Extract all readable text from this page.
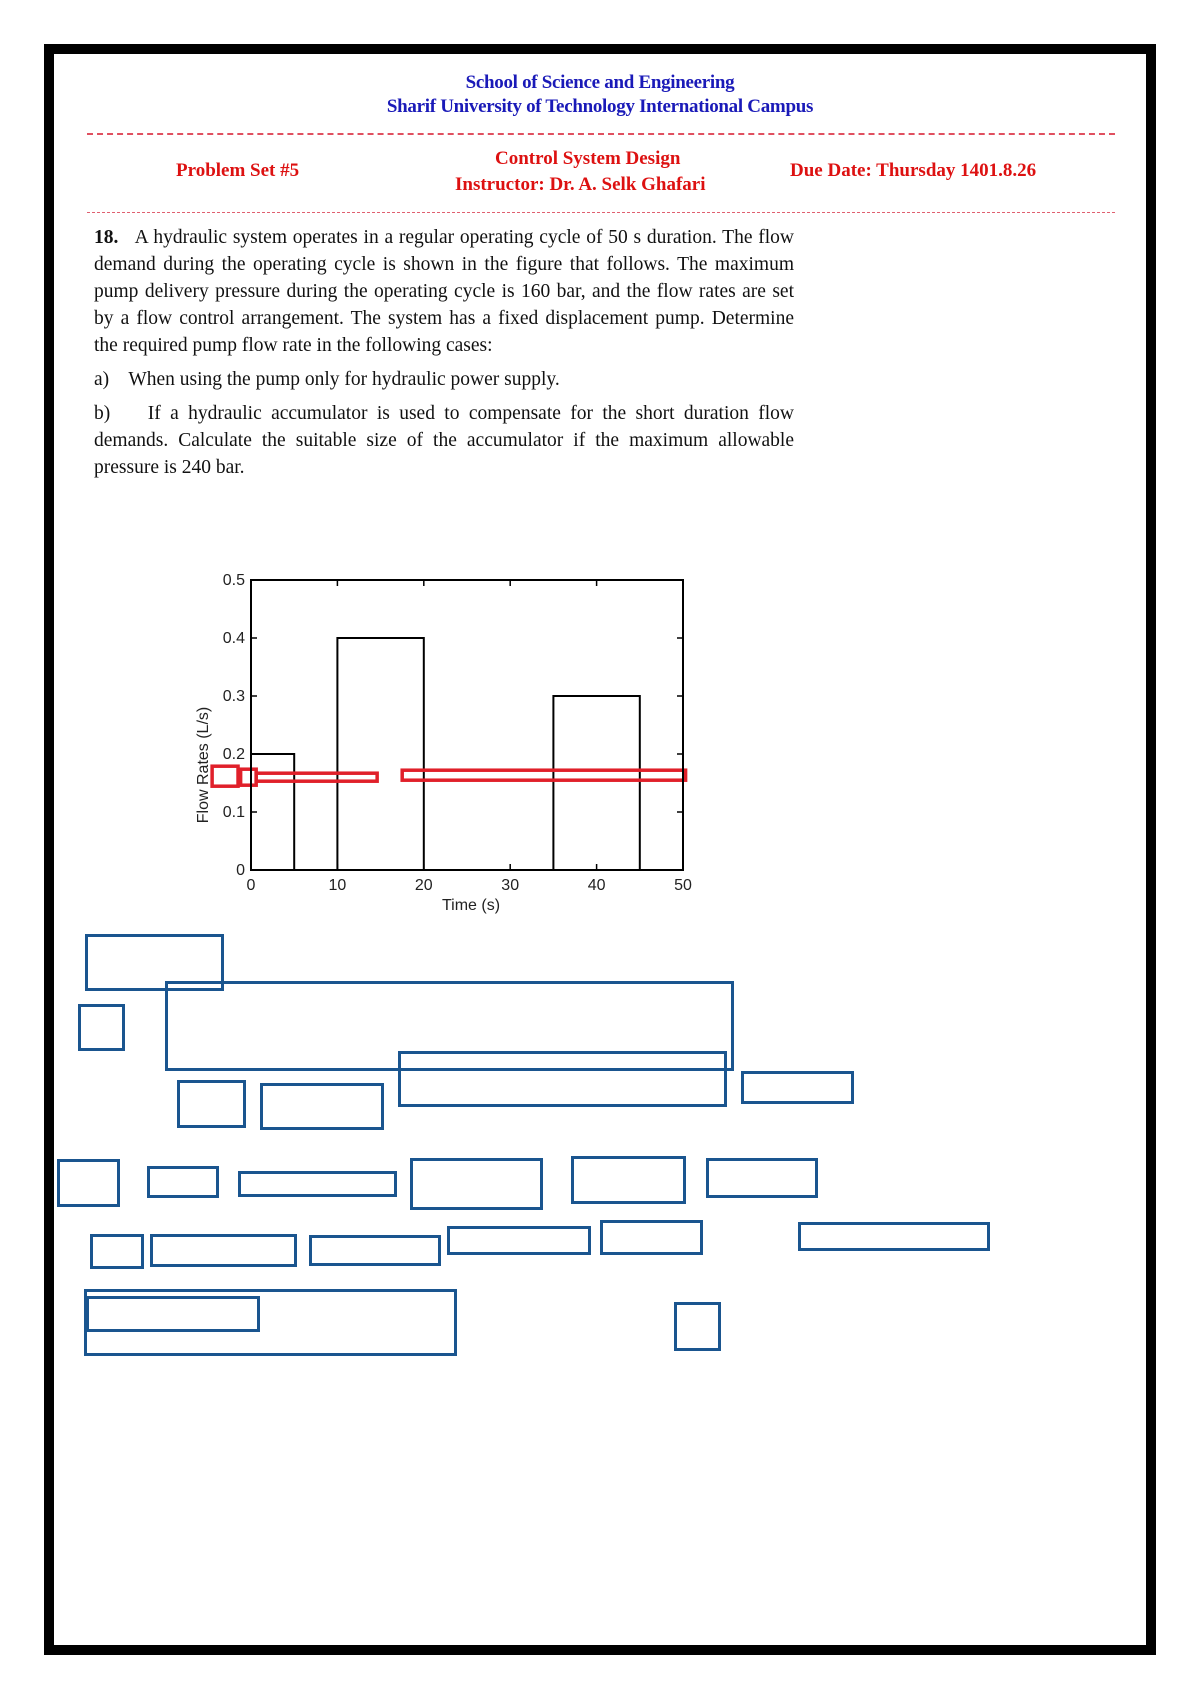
School of Science and Engineering
Sharif University of Technology International Campus
Problem Set #5
Control System Design
Instructor: Dr. A. Selk Ghafari
Due Date: Thursday 1401.8.26

18. A hydraulic system operates in a regular operating cycle of 50 s duration. The flow demand during the operating cycle is shown in the figure that follows. The maximum pump delivery pressure during the operating cycle is 160 bar, and the flow rates are set by a flow control arrangement. The system has a fixed displacement pump. Determine the required pump flow rate in the following cases:

a) When using the pump only for hydraulic power supply.

b) If a hydraulic accumulator is used to compensate for the short duration flow demands. Calculate the suitable size of the accumulator if the maximum allowable pressure is 240 bar.

0	10	20	30	40	50
0
0.1
0.2
0.3
0.4
0.5
Time (s)
Flow Rates (L/s)
